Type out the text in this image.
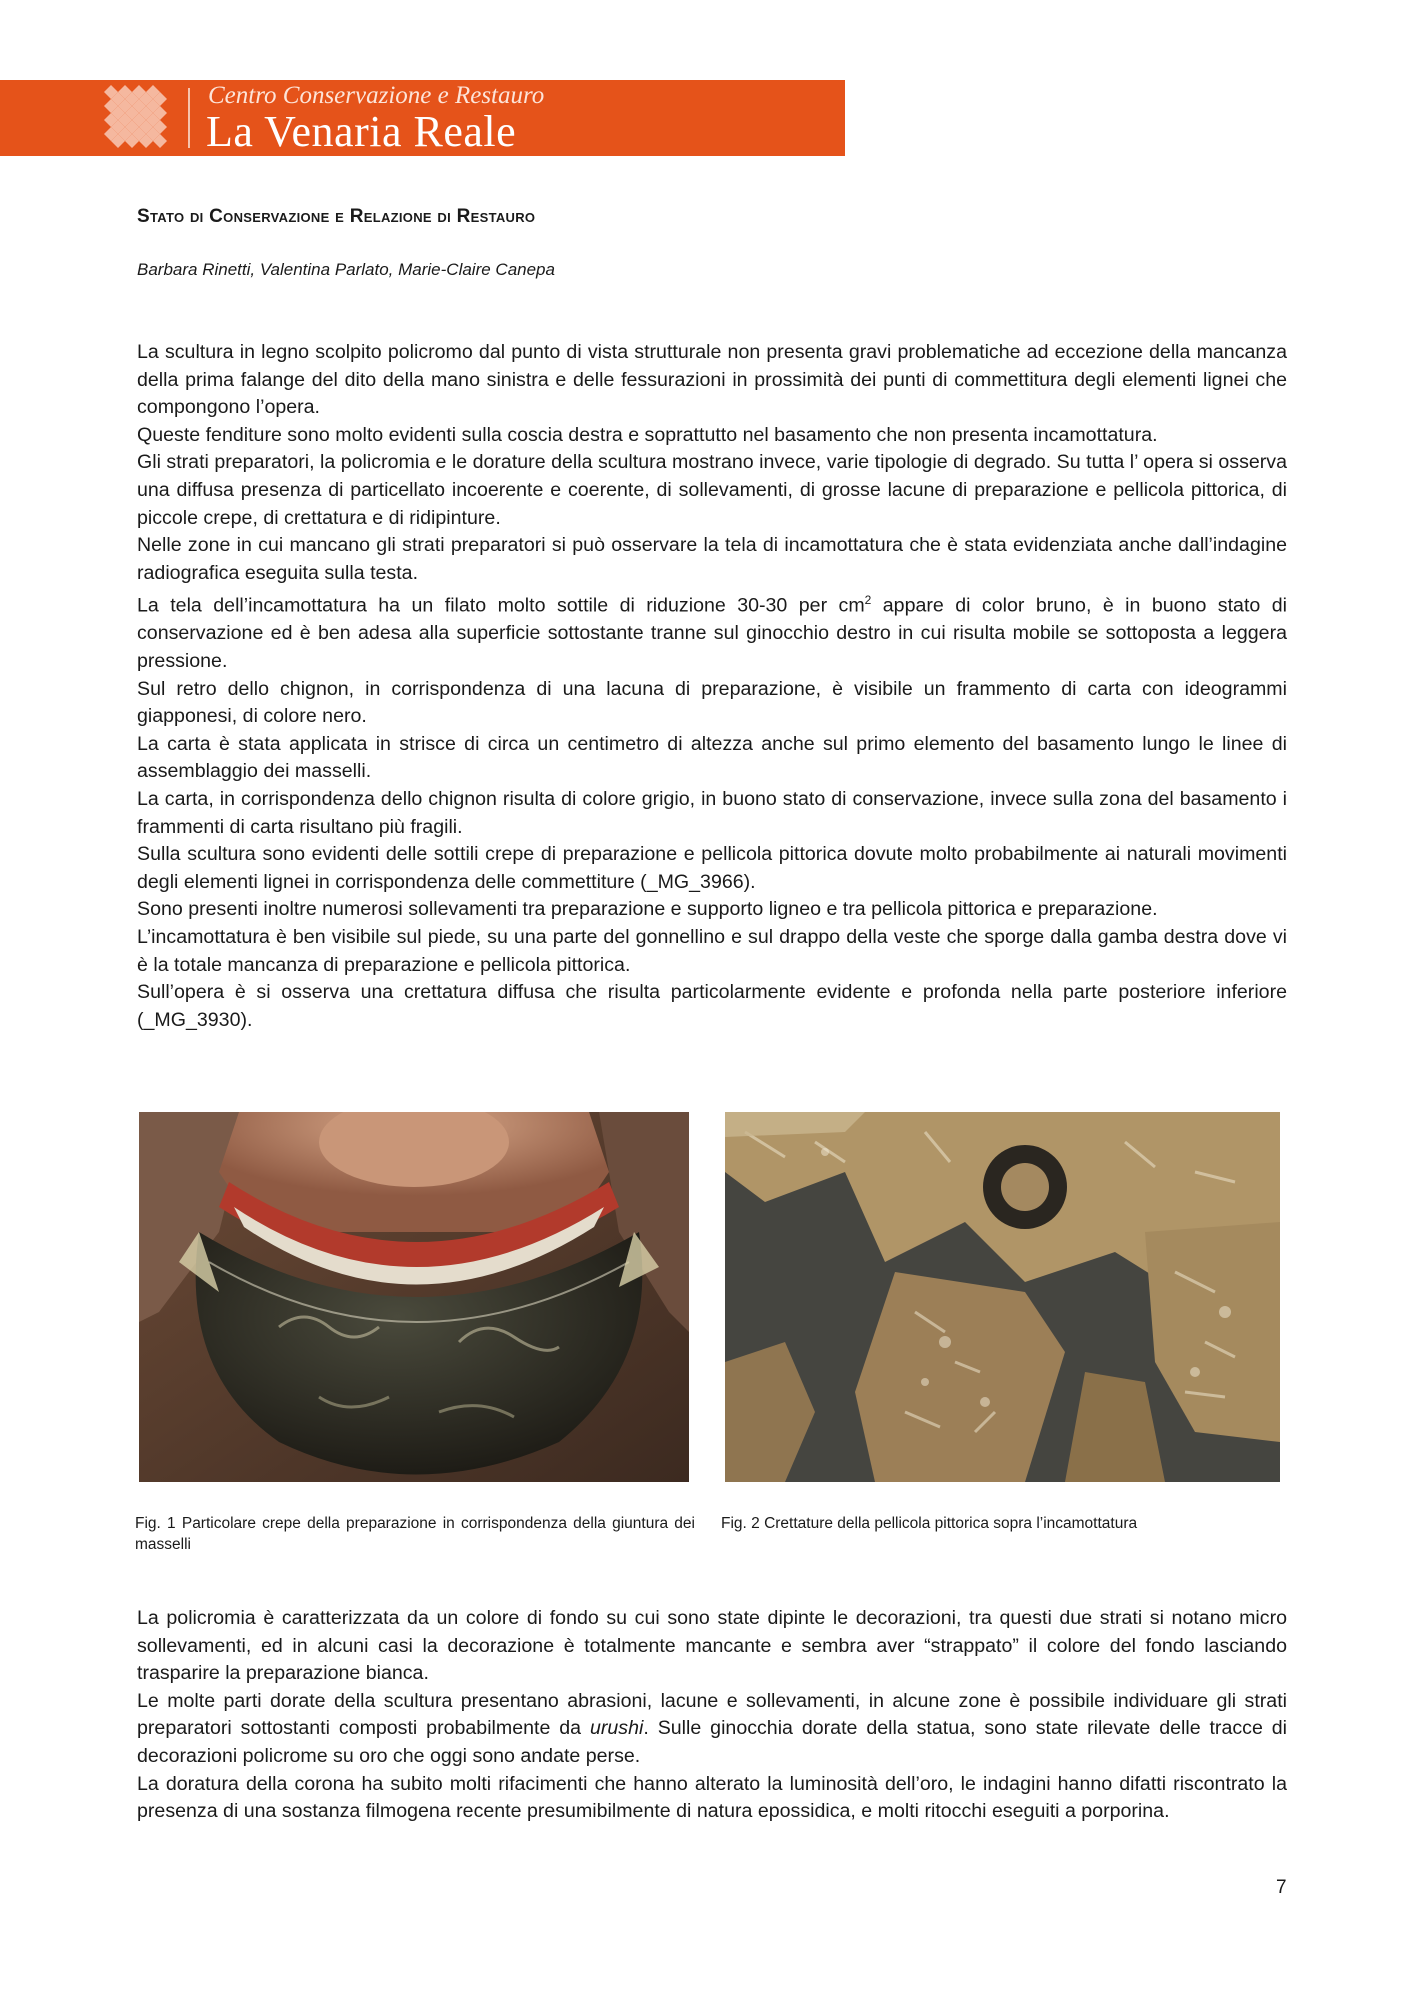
Centro Conservazione e Restauro
La Venaria Reale
Stato di Conservazione e Relazione di Restauro
Barbara Rinetti, Valentina Parlato, Marie-Claire Canepa

La scultura in legno scolpito policromo dal punto di vista strutturale non presenta gravi problematiche ad eccezione della mancanza della prima falange del dito della mano sinistra e delle fessurazioni in prossimità dei punti di commettitura degli elementi lignei che compongono l’opera.

Queste fenditure sono molto evidenti sulla coscia destra e soprattutto nel basamento che non presenta incamottatura.

Gli strati preparatori, la policromia e le dorature della scultura mostrano invece, varie tipologie di degrado. Su tutta l’ opera si osserva una diffusa presenza di particellato incoerente e coerente, di sollevamenti, di grosse lacune di preparazione e pellicola pittorica, di piccole crepe, di crettatura e di ridipinture.

Nelle zone in cui mancano gli strati preparatori si può osservare la tela di incamottatura che è stata evidenziata anche dall’indagine radiografica eseguita sulla testa.

La tela dell’incamottatura ha un filato molto sottile di riduzione 30-30 per $cm^2$ appare di color bruno, è in buono stato di conservazione ed è ben adesa alla superficie sottostante tranne sul ginocchio destro in cui risulta mobile se sottoposta a leggera pressione.

Sul retro dello chignon, in corrispondenza di una lacuna di preparazione, è visibile un frammento di carta con ideogrammi giapponesi, di colore nero.

La carta è stata applicata in strisce di circa un centimetro di altezza anche sul primo elemento del basamento lungo le linee di assemblaggio dei masselli.

La carta, in corrispondenza dello chignon risulta di colore grigio, in buono stato di conservazione, invece sulla zona del basamento i frammenti di carta risultano più fragili.

Sulla scultura sono evidenti delle sottili crepe di preparazione e pellicola pittorica dovute molto probabilmente ai naturali movimenti degli elementi lignei in corrispondenza delle commettiture (_MG_3966).

Sono presenti inoltre numerosi sollevamenti tra preparazione e supporto ligneo e tra pellicola pittorica e preparazione.

L’incamottatura è ben visibile sul piede, su una parte del gonnellino e sul drappo della veste che sporge dalla gamba destra dove vi è la totale mancanza di preparazione e pellicola pittorica.

Sull’opera è si osserva una crettatura diffusa che risulta particolarmente evidente e profonda nella parte posteriore inferiore (_MG_3930).

Fig. 1 Particolare crepe della preparazione in corrispondenza della giuntura dei masselli
Fig. 2 Crettature della pellicola pittorica sopra l’incamottatura

La policromia è caratterizzata da un colore di fondo su cui sono state dipinte le decorazioni, tra questi due strati si notano micro sollevamenti, ed in alcuni casi la decorazione è totalmente mancante e sembra aver “strappato” il colore del fondo lasciando trasparire la preparazione bianca.

Le molte parti dorate della scultura presentano abrasioni, lacune e sollevamenti, in alcune zone è possibile individuare gli strati preparatori sottostanti composti probabilmente da urushi. Sulle ginocchia dorate della statua, sono state rilevate delle tracce di decorazioni policrome su oro che oggi sono andate perse.

La doratura della corona ha subito molti rifacimenti che hanno alterato la luminosità dell’oro, le indagini hanno difatti riscontrato la presenza di una sostanza filmogena recente presumibilmente di natura epossidica, e molti ritocchi eseguiti a porporina.

7
